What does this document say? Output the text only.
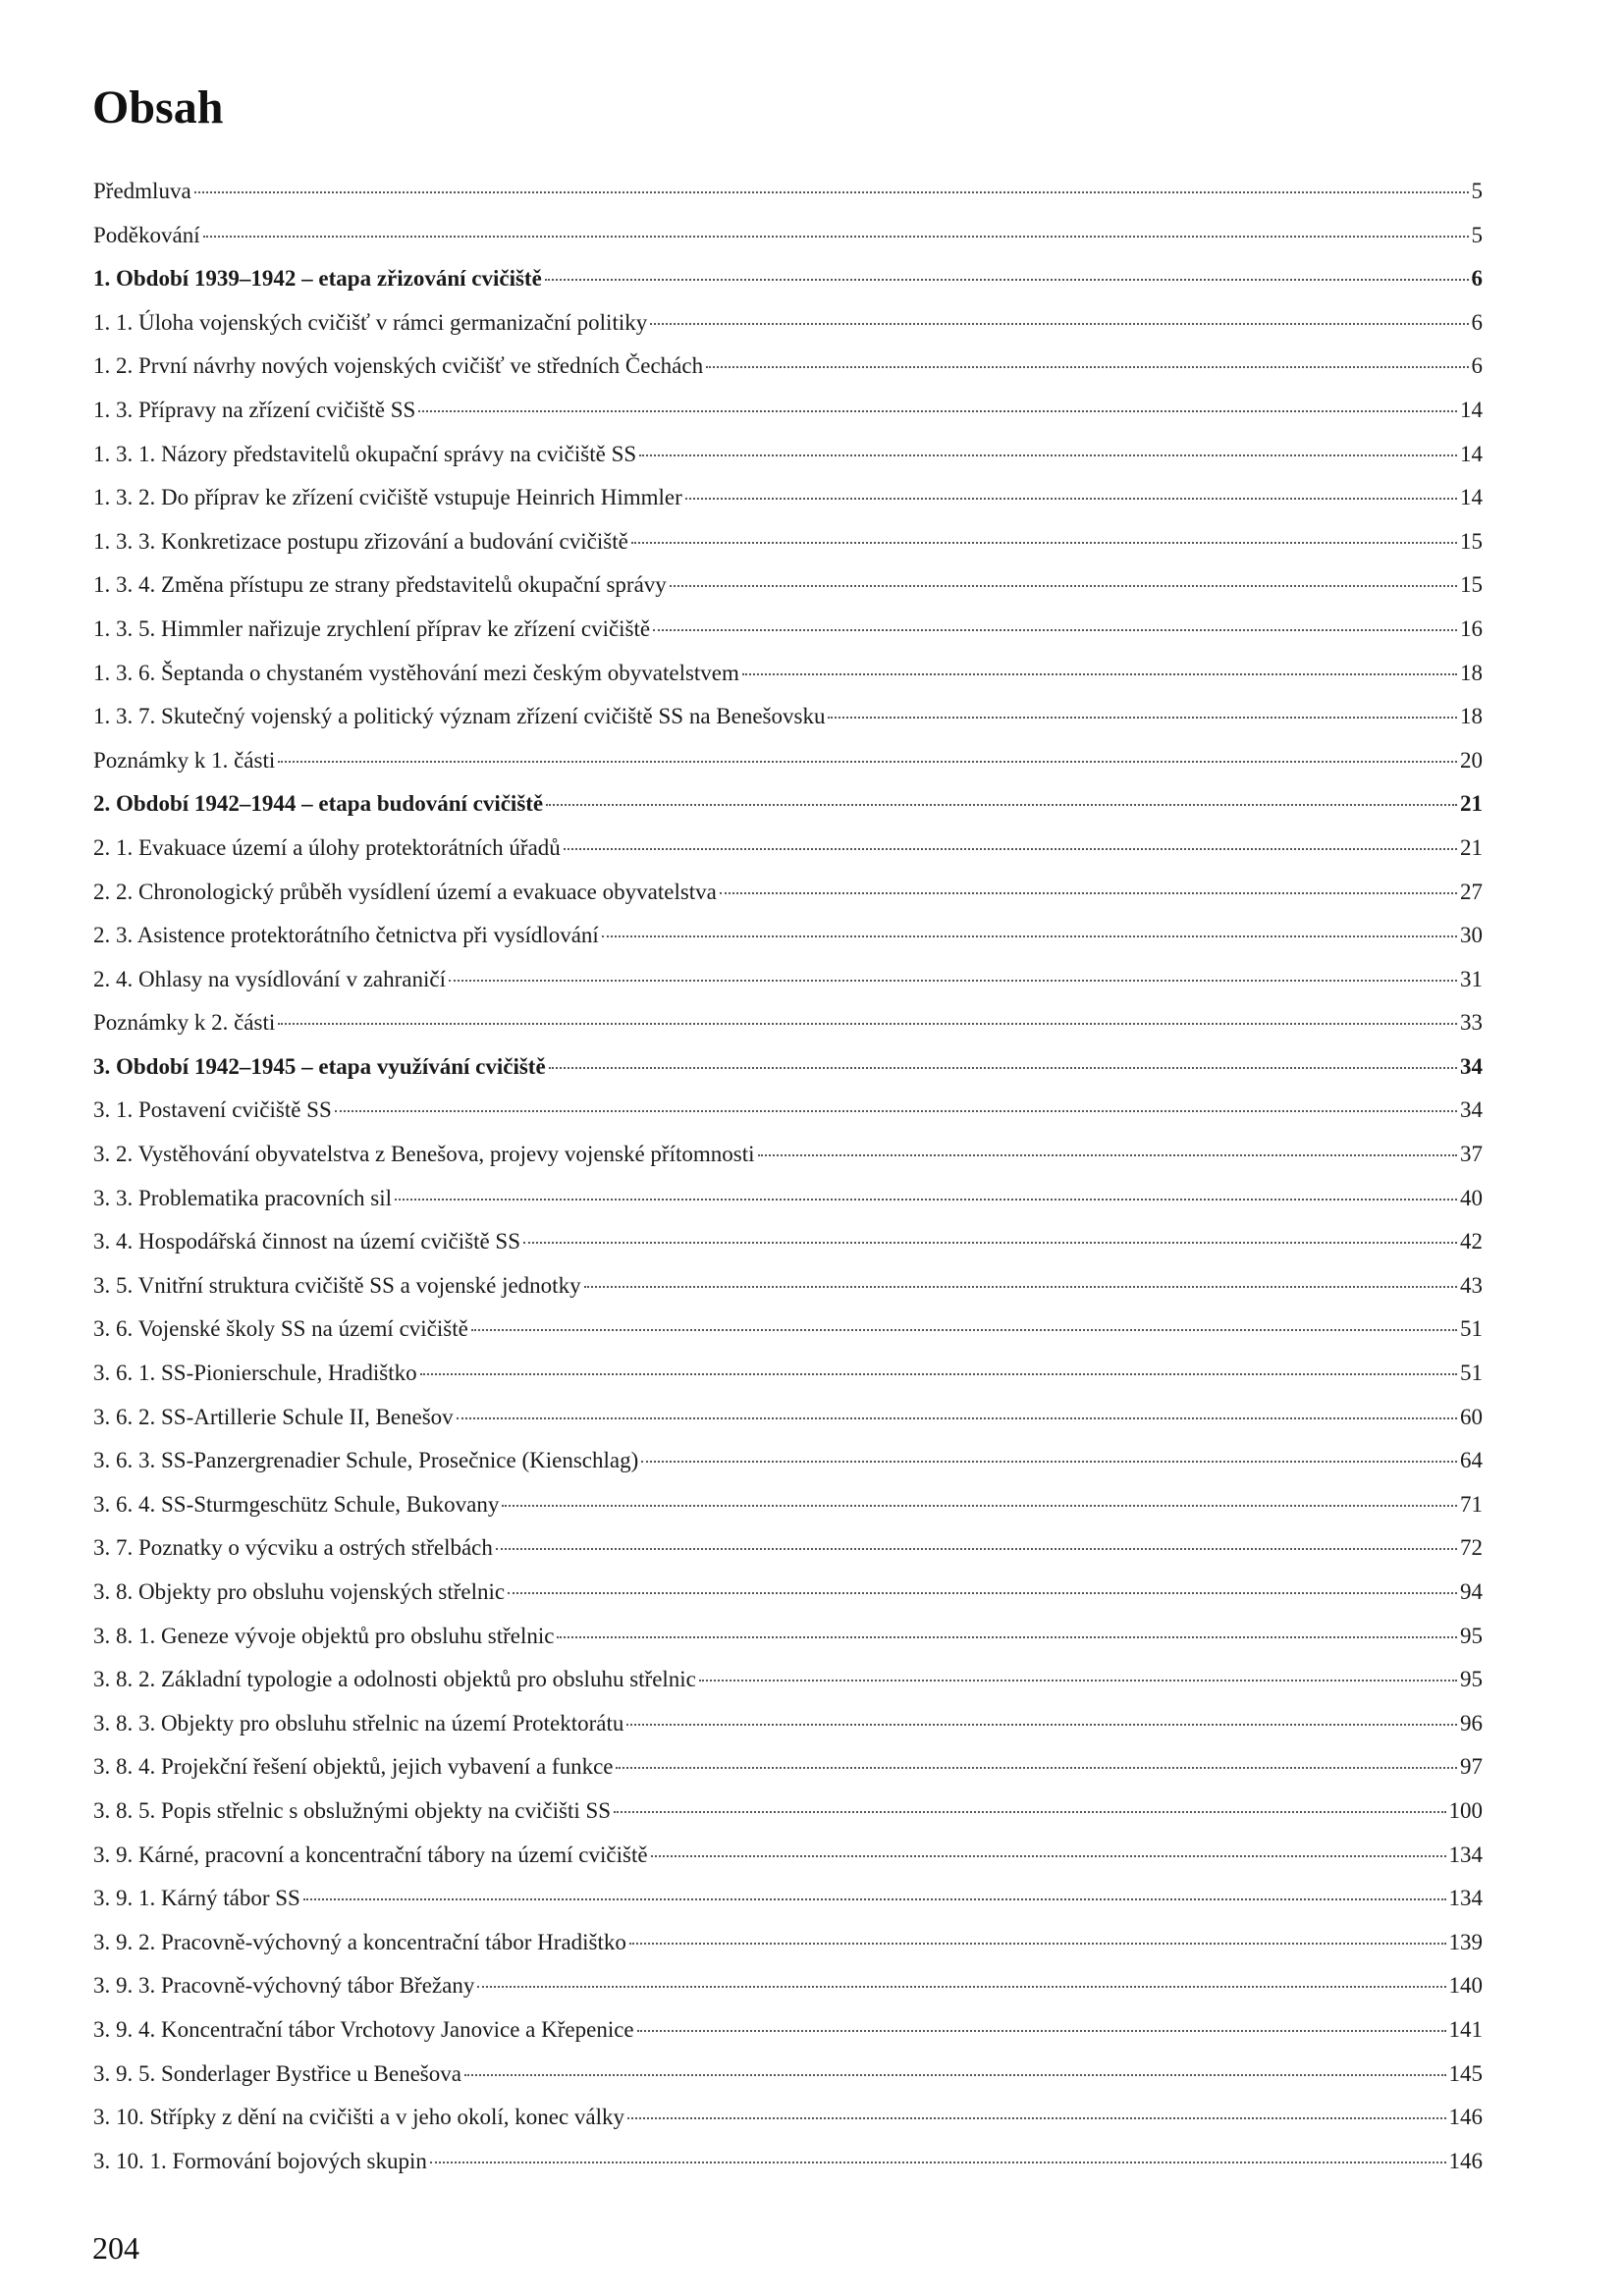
Obsah
Předmluva	5
Poděkování	5
1. Období 1939–1942 – etapa zřizování cvičiště	6
1. 1. Úloha vojenských cvičišť v rámci germanizační politiky	6
1. 2. První návrhy nových vojenských cvičišť ve středních Čechách	6
1. 3. Přípravy na zřízení cvičiště SS	14
1. 3. 1. Názory představitelů okupační správy na cvičiště SS	14
1. 3. 2. Do příprav ke zřízení cvičiště vstupuje Heinrich Himmler	14
1. 3. 3. Konkretizace postupu zřizování a budování cvičiště	15
1. 3. 4. Změna přístupu ze strany představitelů okupační správy	15
1. 3. 5. Himmler nařizuje zrychlení příprav ke zřízení cvičiště	16
1. 3. 6. Šeptanda o chystaném vystěhování mezi českým obyvatelstvem	18
1. 3. 7. Skutečný vojenský a politický význam zřízení cvičiště SS na Benešovsku	18
Poznámky k 1. části	20
2. Období 1942–1944 – etapa budování cvičiště	21
2. 1. Evakuace území a úlohy protektorátních úřadů	21
2. 2. Chronologický průběh vysídlení území a evakuace obyvatelstva	27
2. 3. Asistence protektorátního četnictva při vysídlování	30
2. 4. Ohlasy na vysídlování v zahraničí	31
Poznámky k 2. části	33
3. Období 1942–1945 – etapa využívání cvičiště	34
3. 1. Postavení cvičiště SS	34
3. 2. Vystěhování obyvatelstva z Benešova, projevy vojenské přítomnosti	37
3. 3. Problematika pracovních sil	40
3. 4. Hospodářská činnost na území cvičiště SS	42
3. 5. Vnitřní struktura cvičiště SS a vojenské jednotky	43
3. 6. Vojenské školy SS na území cvičiště	51
3. 6. 1. SS-Pionierschule, Hradištko	51
3. 6. 2. SS-Artillerie Schule II, Benešov	60
3. 6. 3. SS-Panzergrenadier Schule, Prosečnice (Kienschlag)	64
3. 6. 4. SS-Sturmgeschütz Schule, Bukovany	71
3. 7. Poznatky o výcviku a ostrých střelbách	72
3. 8. Objekty pro obsluhu vojenských střelnic	94
3. 8. 1. Geneze vývoje objektů pro obsluhu střelnic	95
3. 8. 2. Základní typologie a odolnosti objektů pro obsluhu střelnic	95
3. 8. 3. Objekty pro obsluhu střelnic na území Protektorátu	96
3. 8. 4. Projekční řešení objektů, jejich vybavení a funkce	97
3. 8. 5. Popis střelnic s obslužnými objekty na cvičišti SS	100
3. 9. Kárné, pracovní a koncentrační tábory na území cvičiště	134
3. 9. 1. Kárný tábor SS	134
3. 9. 2. Pracovně-výchovný a koncentrační tábor Hradištko	139
3. 9. 3. Pracovně-výchovný tábor Břežany	140
3. 9. 4. Koncentrační tábor Vrchotovy Janovice a Křepenice	141
3. 9. 5. Sonderlager Bystřice u Benešova	145
3. 10. Střípky z dění na cvičišti a v jeho okolí, konec války	146
3. 10. 1. Formování bojových skupin	146
204
